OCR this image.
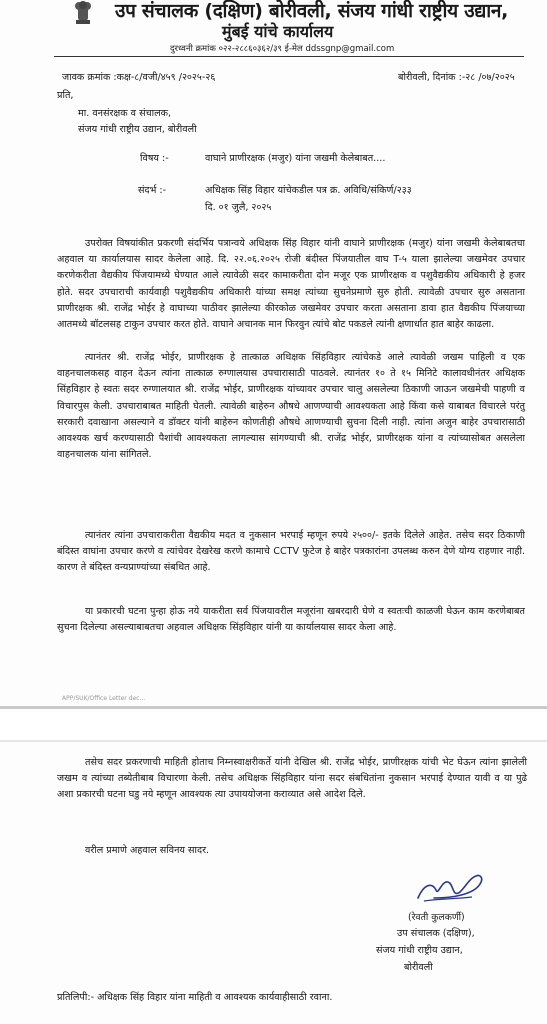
उप संचालक (दक्षिण) बोरीवली, संजय गांधी राष्ट्रीय उद्यान,
मुंबई यांचे कार्यालय
दुरध्वनी क्रमांक ०२२-२८८६०३६२/३९ ई-मेल ddssgnp@gmail.com
जावक क्रमांक :कक्ष-८/वजी/४५९ /२०२५-२६	बोरीवली, दिनांक :-२८ /०७/२०२५
प्रति,
मा. वनसंरक्षक व संचालक,
संजय गांधी राष्ट्रीय उद्यान, बोरीवली
विषय :-	वाघाने प्राणीरक्षक (मजुर) यांना जखमी केलेबाबत....
संदर्भ :-	अधिक्षक सिंह विहार यांचेकडील पत्र क्र. अविधि/संकिर्ण/२३३
दि. ०१ जुलै, २०२५
उपरोक्त विषयांकीत प्रकरणी संदर्भिय पत्रान्वये अधिक्षक सिंह विहार यांनी वाघाने प्राणीरक्षक (मजुर) यांना जखमी केलेबाबतचा अहवाल या कार्यालयास सादर केलेला आहे. दि. २२.०६.२०२५ रोजी बंदीस्त पिंजयातील वाघ T-५ याला झालेल्या जखमेवर उपचार करणेकरीता वैद्यकीय पिंजयामध्ये घेण्यात आले त्यावेळी सदर कामाकरीता दोन मजूर एक प्राणीरक्षक व पशुवैद्यकीय अधिकारी हे हजर होते. सदर उपचाराची कार्यवाही पशुवैद्यकीय अधिकारी यांच्या समक्ष त्यांच्या सुचनेप्रमाणे सुरु होती. त्यावेळी उपचार सुरु असताना प्राणीरक्षक श्री. राजेंद्र भोईर हे वाघाच्या पाठीवर झालेल्या कीरकोळ जखमेवर उपचार करता असताना डावा हात वैद्यकीय पिंजयाच्या आतमध्ये बॉटलसह टाकुन उपचार करत होते. वाघाने अचानक मान फिरवुन त्यांचे बोट पकडले त्यांनी क्षणार्धात हात बाहेर काढला.
त्यानंतर श्री. राजेंद्र भोईर, प्राणीरक्षक हे तात्काळ अधिक्षक सिंहविहार त्यांचेकडे आले त्यावेळी जखम पाहिली व एक वाहनचालकसह वाहन देऊन त्यांना तात्काळ रुग्णालयास उपचारासाठी पाठवले. त्यानंतर १० ते १५ मिनिटे कालावधीनंतर अधिक्षक सिंहविहार हे स्वतः सदर रुग्णालयात श्री. राजेंद्र भोईर, प्राणीरक्षक यांच्यावर उपचार चालु असलेल्या ठिकाणी जाऊन जखमेची पाहणी व विचारपुस केली. उपचाराबाबत माहिती घेतली. त्यावेळी बाहेरुन औषधे आणण्याची आवश्यकता आहे किंवा कसे याबाबत विचारले परंतु सरकारी दवाखाना असल्याने व डॉक्टर यांनी बाहेरुन कोणतीही औषधे आणण्याची सुचना दिली नाही. त्यांना अजुन बाहेर उपचारासाठी आवश्यक खर्च करण्यासाठी पैशांची आवश्यकता लागल्यास सांगण्याची श्री. राजेंद्र भोईर, प्राणीरक्षक यांना व त्यांच्यासोबत असलेला वाहनचालक यांना सांगितले.
त्यानंतर त्यांना उपचाराकरीता वैद्यकीय मदत व नुकसान भरपाई म्हणून रुपये २५००/- इतके दिलेले आहेत. तसेच सदर ठिकाणी बंदिस्त वाघांना उपचार करणे व त्यांचेवर देखरेख करणे कामाचे CCTV फुटेज हे बाहेर पत्रकारांना उपलब्ध करुन देणे योग्य राहणार नाही. कारण ते बंदिस्त वन्यप्राण्यांच्या संबधित आहे.
या प्रकारची घटना पुन्हा होऊ नये याकरीता सर्व पिंजयावरील मजूरांना खबरदारी घेणे व स्वतःची काळजी घेऊन काम करणेबाबत सुचना दिलेल्या असल्याबाबतचा अहवाल अधिक्षक सिंहविहार यांनी या कार्यालयास सादर केला आहे.
APP/SUK/Office Letter dec...
तसेच सदर प्रकरणाची माहिती होताच निम्नस्वाक्षरीकर्ते यांनी देखिल श्री. राजेंद्र भोईर, प्राणीरक्षक यांची भेट घेऊन त्यांना झालेली जखम व त्यांच्या तब्येतीबाब विचारणा केली. तसेच अधिक्षक सिंहविहार यांना सदर संबधितांना नुकसान भरपाई देण्यात यावी व या पुढे अशा प्रकारची घटना घडु नये म्हणून आवश्यक त्या उपाययोजना कराव्यात असे आदेश दिले.
वरील प्रमाणे अहवाल सविनय सादर.
(रेवती कुलकर्णी)
उप संचालक (दक्षिण),
संजय गांधी राष्ट्रीय उद्यान,
बोरीवली
प्रतिलिपी:- अधिक्षक सिंह विहार यांना माहिती व आवश्यक कार्यवाहीसाठी रवाना.
